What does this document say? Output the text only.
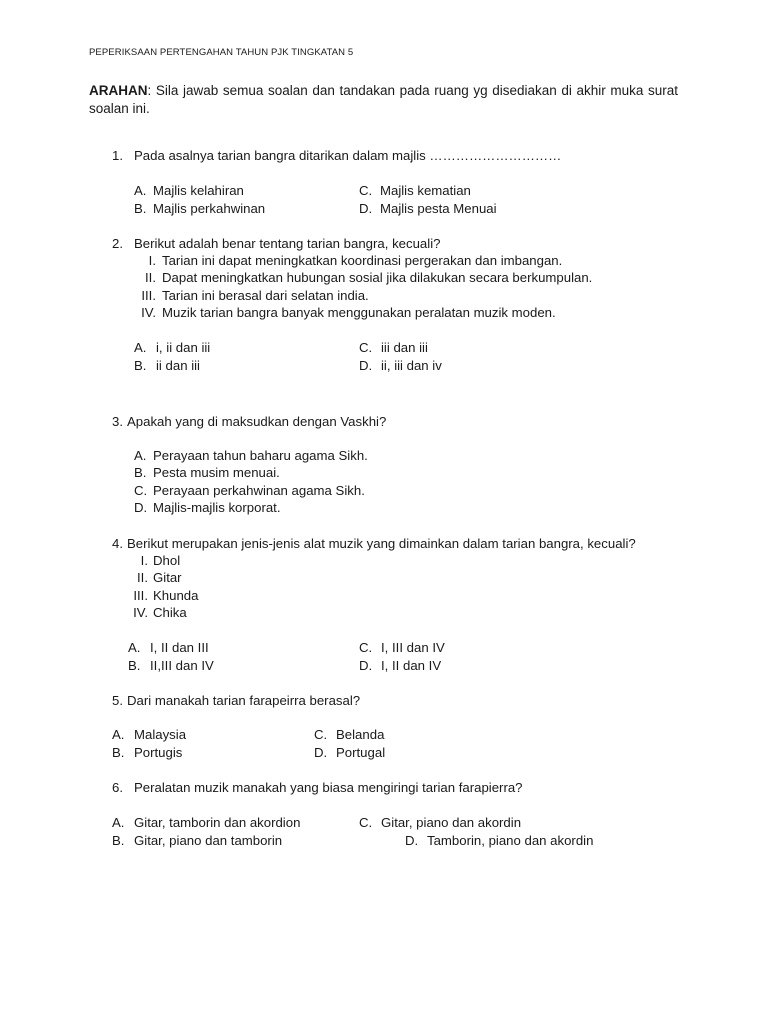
PEPERIKSAAN PERTENGAHAN TAHUN PJK TINGKATAN 5
ARAHAN: Sila jawab semua soalan dan tandakan pada ruang yg disediakan di akhir muka surat soalan ini.
1. Pada asalnya tarian bangra ditarikan dalam majlis …………………………
A. Majlis kelahiran	C. Majlis kematian
B. Majlis perkahwinan	D. Majlis pesta Menuai
2. Berikut adalah benar tentang tarian bangra, kecuali?
I. Tarian ini dapat meningkatkan koordinasi pergerakan dan imbangan.
II. Dapat meningkatkan hubungan sosial jika dilakukan secara berkumpulan.
III. Tarian ini berasal dari selatan india.
IV. Muzik tarian bangra banyak menggunakan peralatan muzik moden.
A. i, ii dan iii	C. iii dan iii
B. ii dan iii	D. ii, iii dan iv
3. Apakah yang di maksudkan dengan Vaskhi?
A. Perayaan tahun baharu agama Sikh.
B. Pesta musim menuai.
C. Perayaan perkahwinan agama Sikh.
D. Majlis-majlis korporat.
4. Berikut merupakan jenis-jenis alat muzik yang dimainkan dalam tarian bangra, kecuali?
I. Dhol
II. Gitar
III. Khunda
IV. Chika
A. I, II dan III	C. I, III dan IV
B. II,III dan IV	D. I, II dan IV
5. Dari manakah tarian farapeirra berasal?
A. Malaysia	C. Belanda
B. Portugis	D. Portugal
6. Peralatan muzik manakah yang biasa mengiringi tarian farapierra?
A. Gitar, tamborin dan akordion	C. Gitar, piano dan akordin
B. Gitar, piano dan tamborin	D. Tamborin, piano dan akordin
